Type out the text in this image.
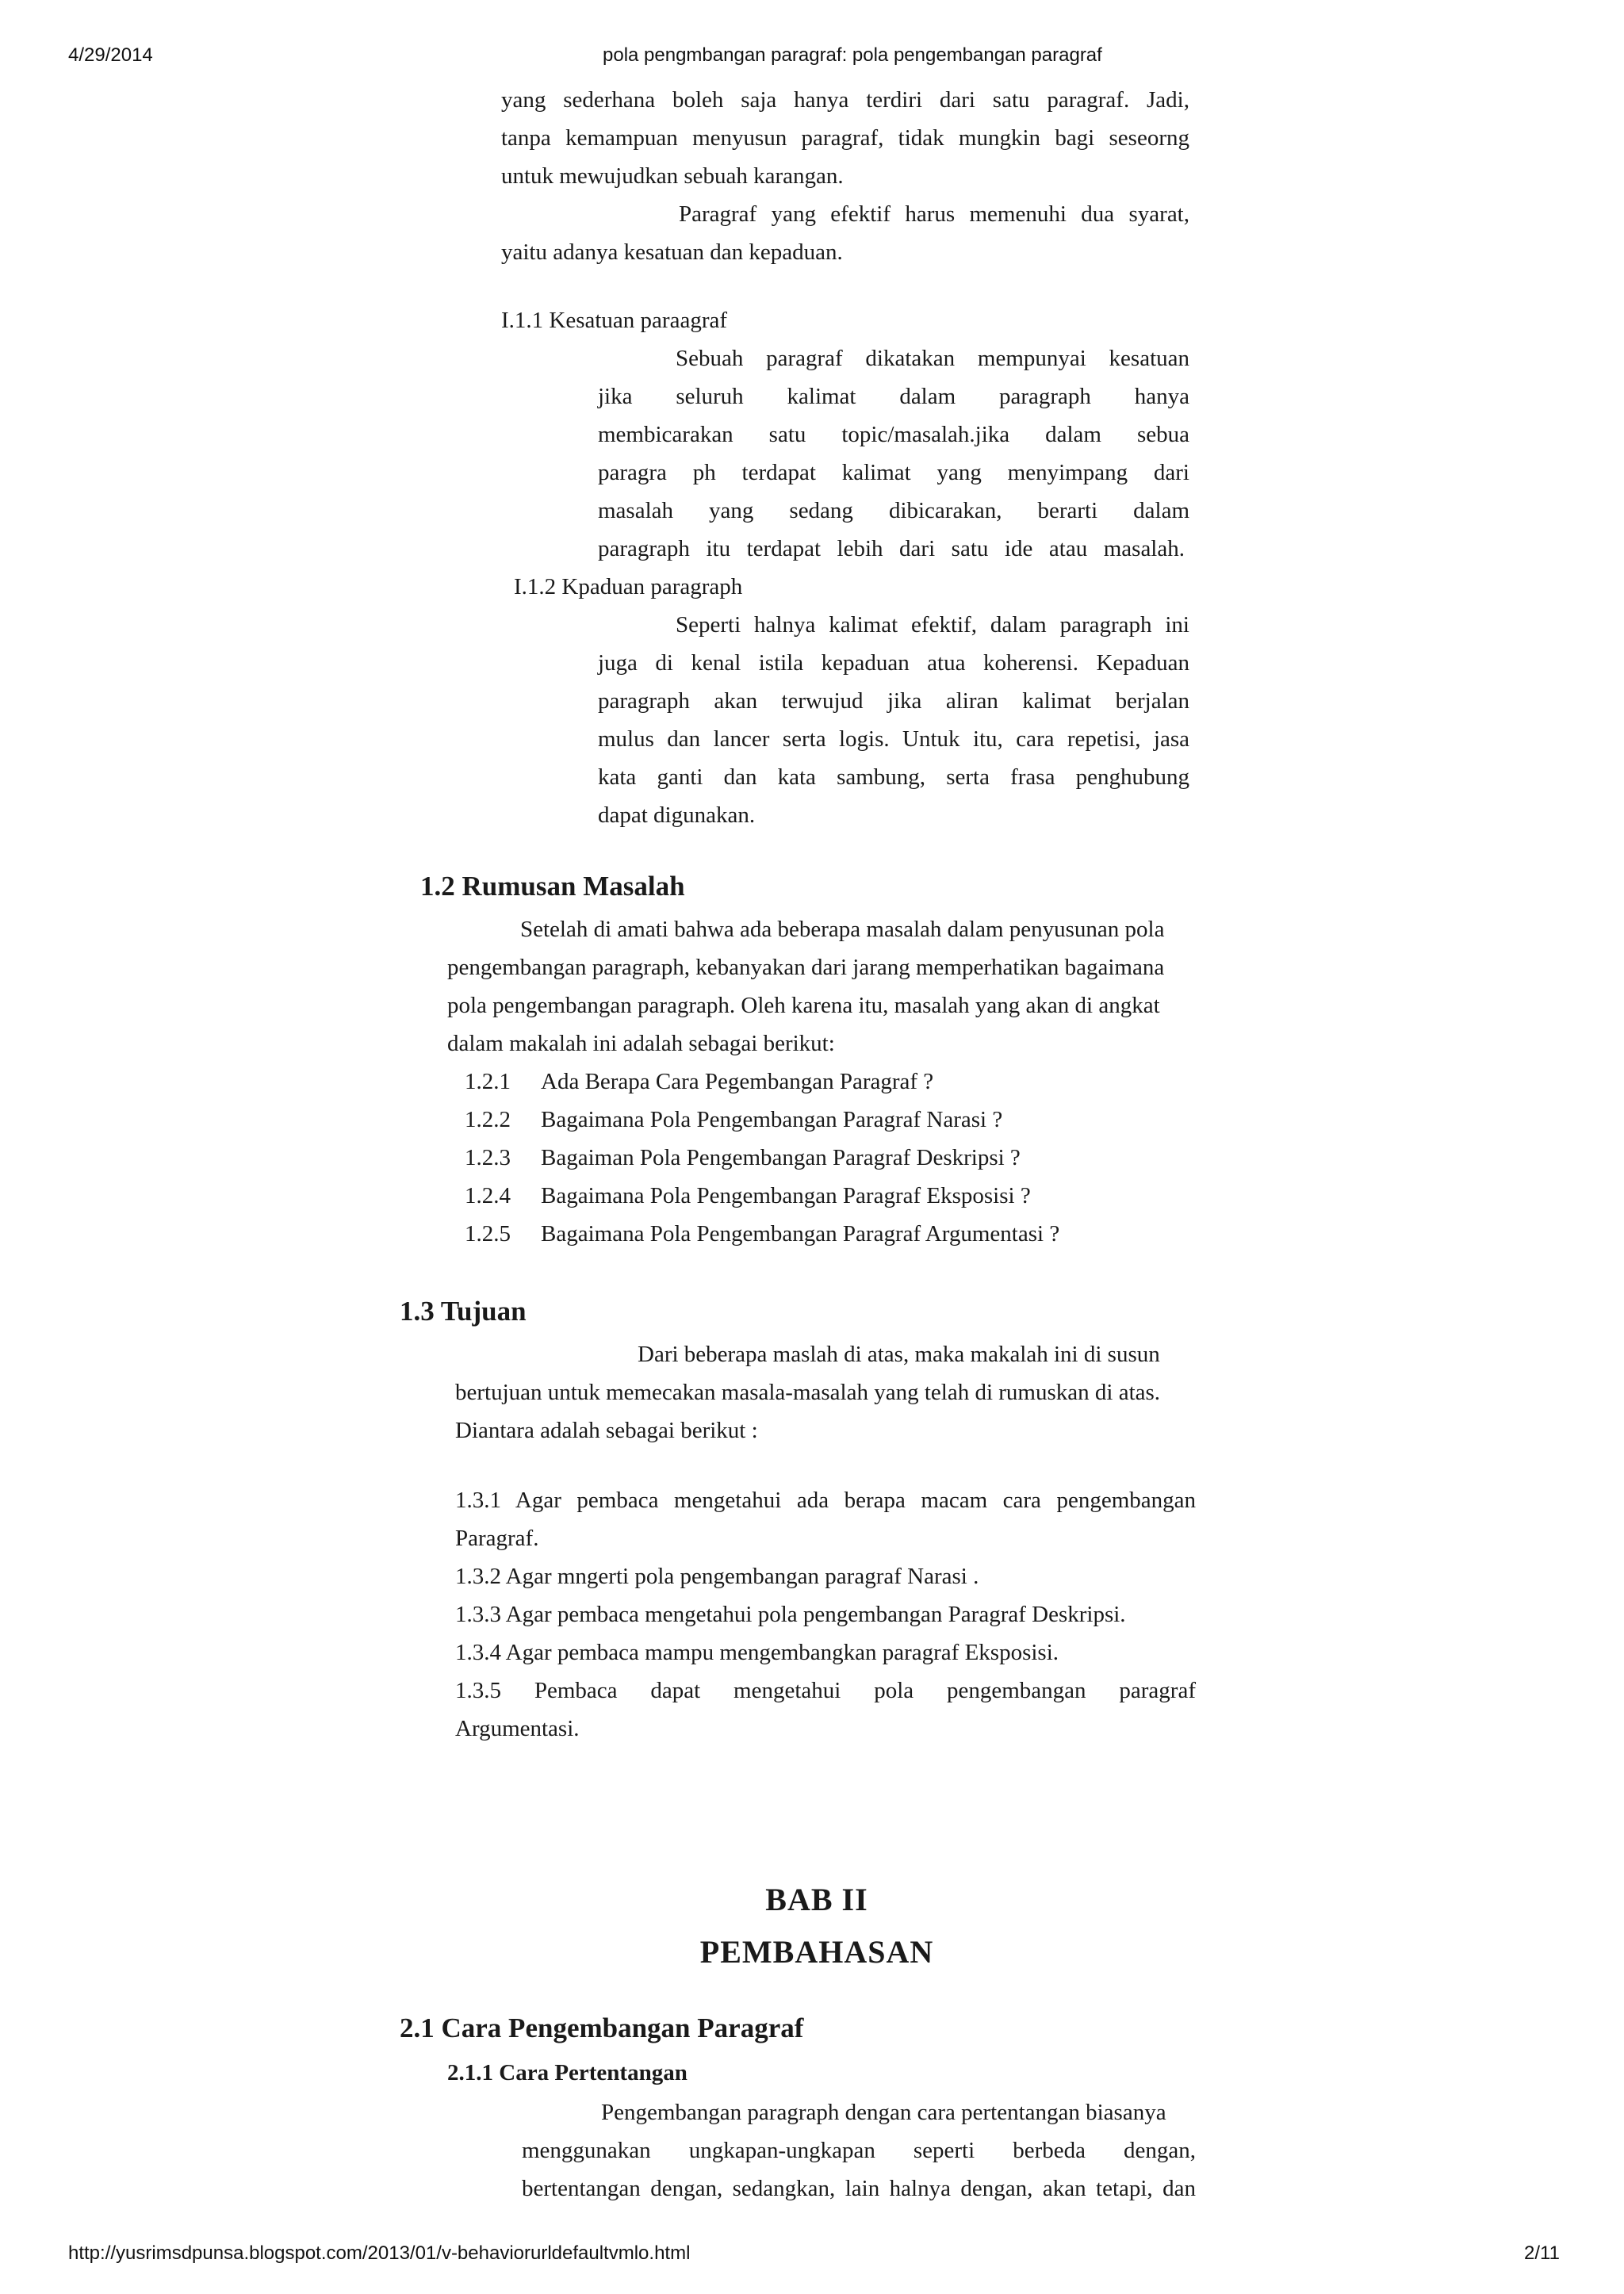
4/29/2014	pola pengmbangan paragraf: pola pengembangan paragraf
yang sederhana boleh saja hanya terdiri dari satu paragraf. Jadi,
tanpa kemampuan menyusun paragraf, tidak mungkin bagi seseorng
untuk mewujudkan sebuah karangan.
Paragraf yang efektif harus memenuhi dua syarat,
yaitu adanya kesatuan dan kepaduan.
I.1.1 Kesatuan paraagraf
Sebuah paragraf dikatakan mempunyai kesatuan
jika seluruh kalimat dalam paragraph hanya
membicarakan satu topic/masalah.jika dalam sebua
paragra ph terdapat kalimat yang menyimpang dari
masalah yang sedang dibicarakan, berarti dalam
paragraph itu terdapat lebih dari satu ide atau masalah.
I.1.2 Kpaduan paragraph
Seperti halnya kalimat efektif, dalam paragraph ini
juga di kenal istila kepaduan atua koherensi. Kepaduan
paragraph akan terwujud jika aliran kalimat berjalan
mulus dan lancer serta logis. Untuk itu, cara repetisi, jasa
kata ganti dan kata sambung, serta frasa penghubung
dapat digunakan.
1.2 Rumusan Masalah
Setelah di amati bahwa ada beberapa masalah dalam penyusunan pola
pengembangan paragraph, kebanyakan dari jarang memperhatikan bagaimana
pola pengembangan paragraph. Oleh karena itu, masalah yang akan di angkat
dalam makalah ini adalah sebagai berikut:
1.2.1 Ada Berapa Cara Pegembangan Paragraf ?
1.2.2 Bagaimana Pola Pengembangan Paragraf Narasi ?
1.2.3 Bagaiman Pola Pengembangan Paragraf Deskripsi ?
1.2.4 Bagaimana Pola Pengembangan Paragraf Eksposisi ?
1.2.5 Bagaimana Pola Pengembangan Paragraf Argumentasi ?
1.3 Tujuan
Dari beberapa maslah di atas, maka makalah ini di susun
bertujuan untuk memecakan masala-masalah yang telah di rumuskan di atas.
Diantara adalah sebagai berikut :
1.3.1 Agar pembaca mengetahui ada berapa macam cara pengembangan
Paragraf.
1.3.2 Agar mngerti pola pengembangan paragraf Narasi .
1.3.3 Agar pembaca mengetahui pola pengembangan Paragraf Deskripsi.
1.3.4 Agar pembaca mampu mengembangkan paragraf Eksposisi.
1.3.5 Pembaca dapat mengetahui pola pengembangan paragraf
Argumentasi.
BAB II
PEMBAHASAN
2.1 Cara Pengembangan Paragraf
2.1.1 Cara Pertentangan
Pengembangan paragraph dengan cara pertentangan biasanya
menggunakan ungkapan-ungkapan seperti berbeda dengan,
bertentangan dengan, sedangkan, lain halnya dengan, akan tetapi, dan
http://yusrimsdpunsa.blogspot.com/2013/01/v-behaviorurldefaultvmlo.html	2/11
